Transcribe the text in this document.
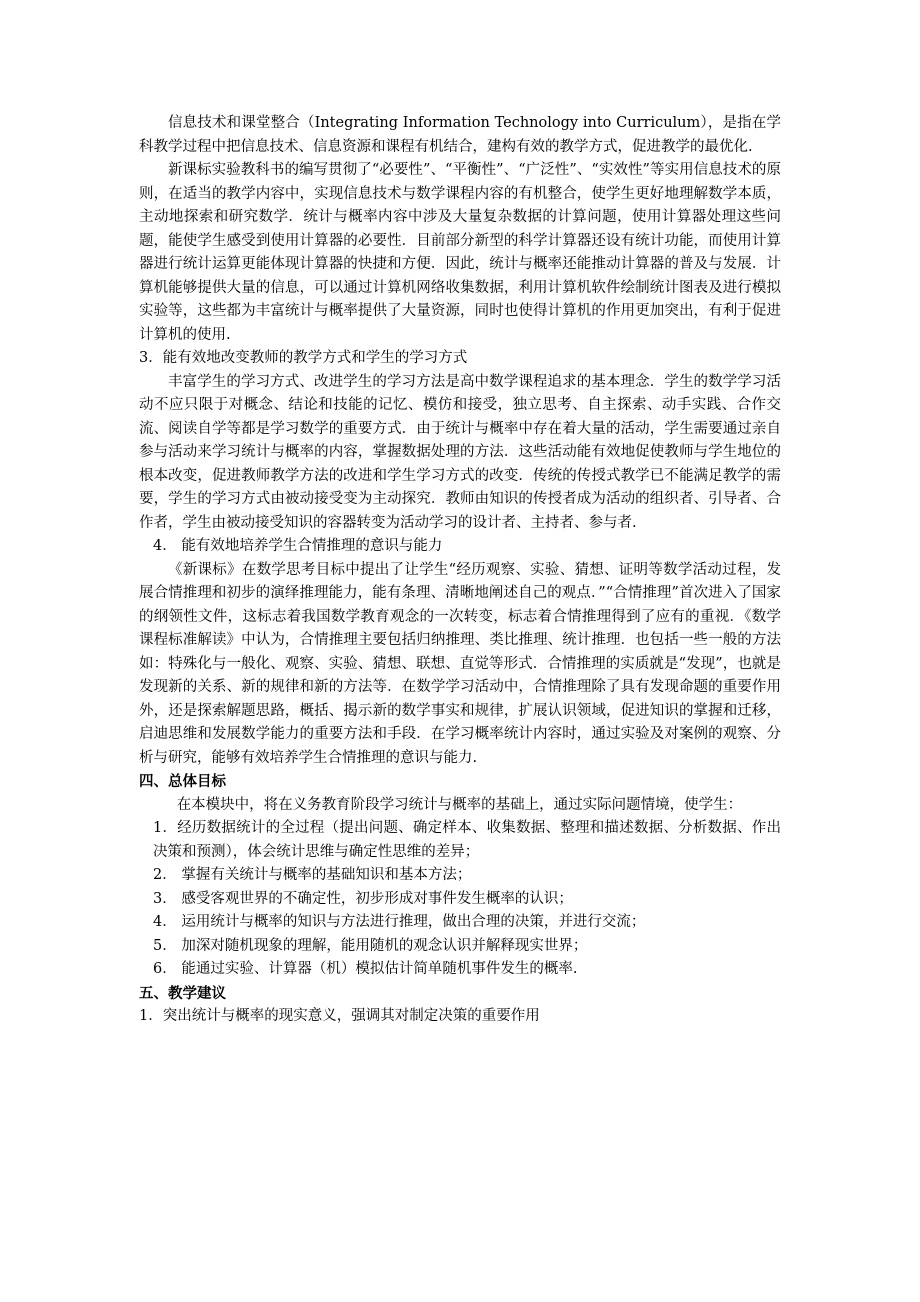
信息技术和课堂整合（Integrating Information Technology into Curriculum），是指在学科教学过程中把信息技术、信息资源和课程有机结合，建构有效的教学方式，促进教学的最优化.

新课标实验教科书的编写贯彻了“必要性”、“平衡性”、“广泛性”、“实效性”等实用信息技术的原则，在适当的教学内容中，实现信息技术与数学课程内容的有机整合，使学生更好地理解数学本质，主动地探索和研究数学．统计与概率内容中涉及大量复杂数据的计算问题，使用计算器处理这些问题，能使学生感受到使用计算器的必要性．目前部分新型的科学计算器还设有统计功能，而使用计算器进行统计运算更能体现计算器的快捷和方便．因此，统计与概率还能推动计算器的普及与发展．计算机能够提供大量的信息，可以通过计算机网络收集数据，利用计算机软件绘制统计图表及进行模拟实验等，这些都为丰富统计与概率提供了大量资源，同时也使得计算机的作用更加突出，有利于促进计算机的使用.

3．能有效地改变教师的教学方式和学生的学习方式

丰富学生的学习方式、改进学生的学习方法是高中数学课程追求的基本理念．学生的数学学习活动不应只限于对概念、结论和技能的记忆、模仿和接受，独立思考、自主探索、动手实践、合作交流、阅读自学等都是学习数学的重要方式．由于统计与概率中存在着大量的活动，学生需要通过亲自参与活动来学习统计与概率的内容，掌握数据处理的方法．这些活动能有效地促使教师与学生地位的根本改变，促进教师教学方法的改进和学生学习方式的改变．传统的传授式教学已不能满足教学的需要，学生的学习方式由被动接受变为主动探究．教师由知识的传授者成为活动的组织者、引导者、合作者，学生由被动接受知识的容器转变为活动学习的设计者、主持者、参与者.

4． 能有效地培养学生合情推理的意识与能力

《新课标》在数学思考目标中提出了让学生“经历观察、实验、猜想、证明等数学活动过程，发展合情推理和初步的演绎推理能力，能有条理、清晰地阐述自己的观点．”“合情推理”首次进入了国家的纲领性文件，这标志着我国数学教育观念的一次转变，标志着合情推理得到了应有的重视．《数学课程标准解读》中认为，合情推理主要包括归纳推理、类比推理、统计推理．也包括一些一般的方法如：特殊化与一般化、观察、实验、猜想、联想、直觉等形式．合情推理的实质就是“发现”，也就是发现新的关系、新的规律和新的方法等．在数学学习活动中，合情推理除了具有发现命题的重要作用外，还是探索解题思路，概括、揭示新的数学事实和规律，扩展认识领域，促进知识的掌握和迁移，启迪思维和发展数学能力的重要方法和手段．在学习概率统计内容时，通过实验及对案例的观察、分析与研究，能够有效培养学生合情推理的意识与能力.

四、总体目标

在本模块中，将在义务教育阶段学习统计与概率的基础上，通过实际问题情境，使学生：

1．经历数据统计的全过程（提出问题、确定样本、收集数据、整理和描述数据、分析数据、作出决策和预测），体会统计思维与确定性思维的差异；

2． 掌握有关统计与概率的基础知识和基本方法；

3． 感受客观世界的不确定性，初步形成对事件发生概率的认识；

4． 运用统计与概率的知识与方法进行推理，做出合理的决策，并进行交流；

5． 加深对随机现象的理解，能用随机的观念认识并解释现实世界；

6． 能通过实验、计算器（机）模拟估计简单随机事件发生的概率.

五、教学建议

1．突出统计与概率的现实意义，强调其对制定决策的重要作用
